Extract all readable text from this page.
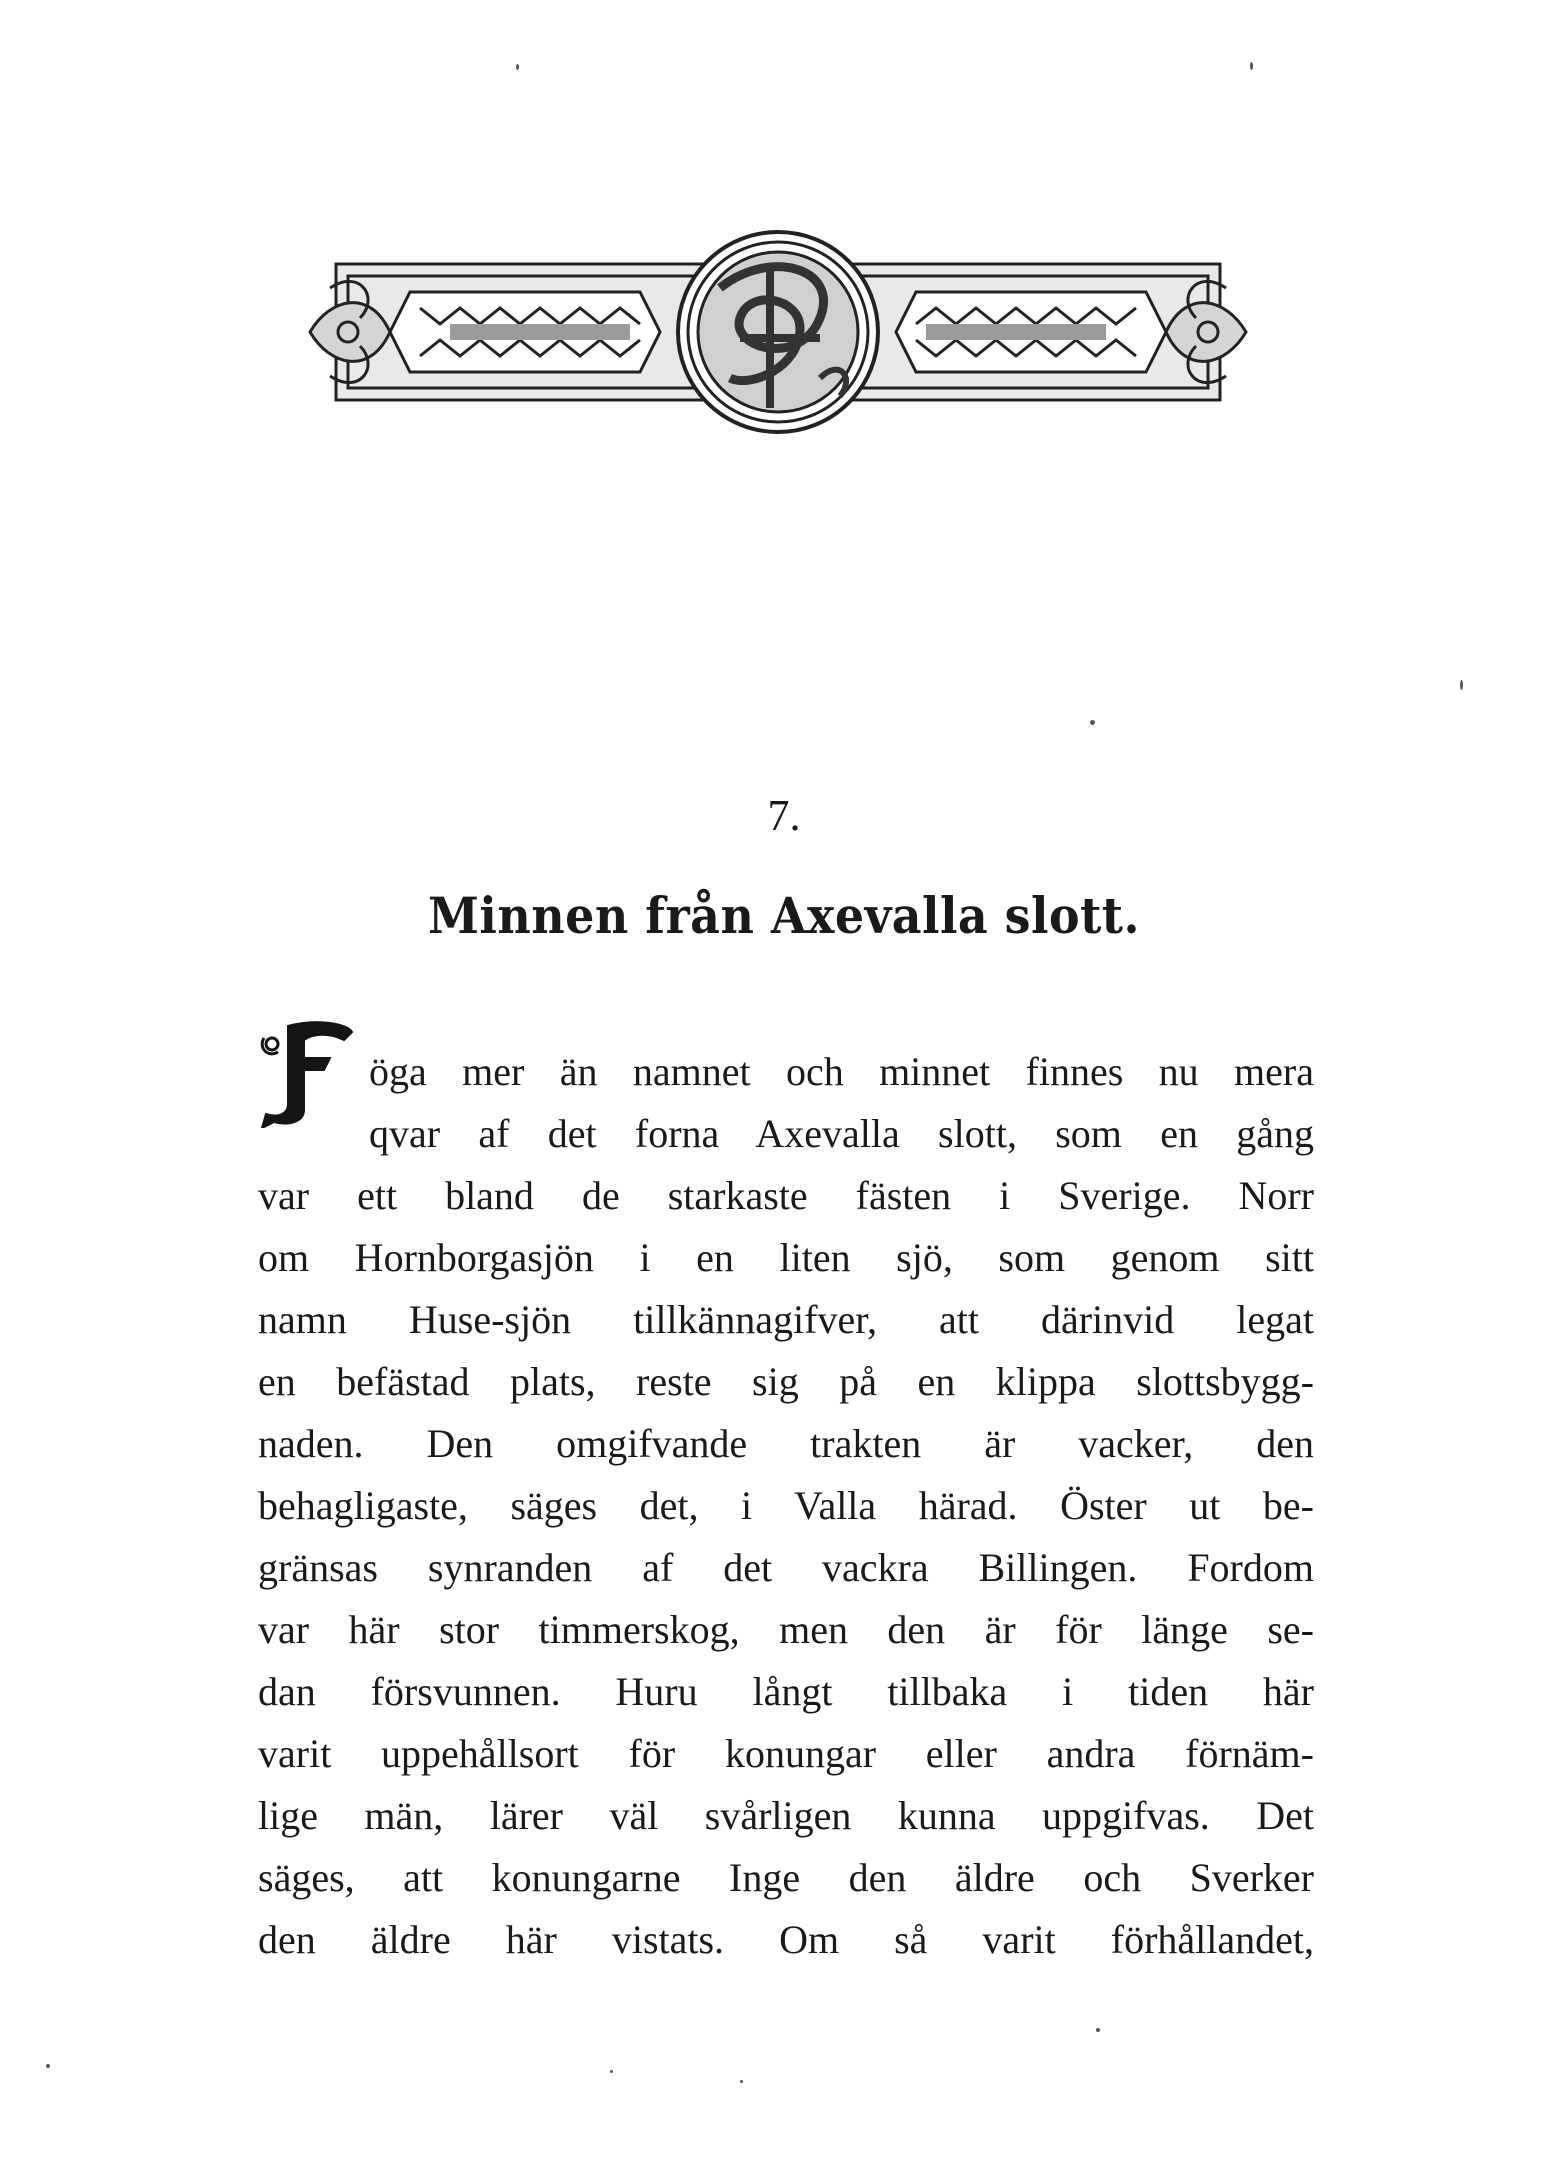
7.
Minnen från Axevalla slott.
öga mer än namnet och minnet finnes nu mera
qvar af det forna Axevalla slott, som en gång
var ett bland de starkaste fästen i Sverige. Norr
om Hornborgasjön i en liten sjö, som genom sitt
namn Huse-sjön tillkännagifver, att därinvid legat
en befästad plats, reste sig på en klippa slottsbygg-
naden. Den omgifvande trakten är vacker, den
behagligaste, säges det, i Valla härad. Öster ut be-
gränsas synranden af det vackra Billingen. Fordom
var här stor timmerskog, men den är för länge se-
dan försvunnen. Huru långt tillbaka i tiden här
varit uppehållsort för konungar eller andra förnäm-
lige män, lärer väl svårligen kunna uppgifvas. Det
säges, att konungarne Inge den äldre och Sverker
den äldre här vistats. Om så varit förhållandet,
